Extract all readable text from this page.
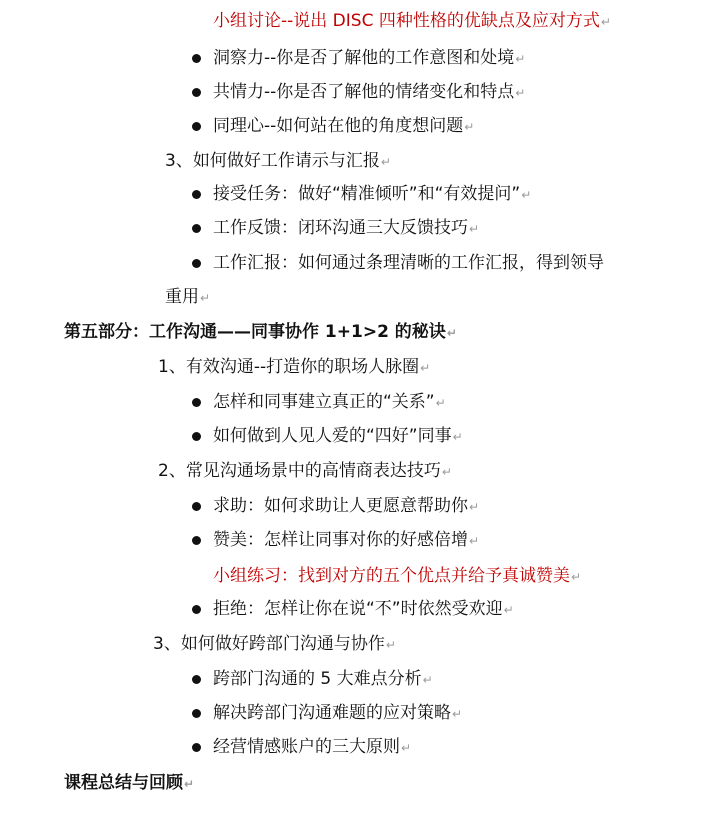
小组讨论--说出 DISC 四种性格的优缺点及应对方式↵
洞察力--你是否了解他的工作意图和处境↵
共情力--你是否了解他的情绪变化和特点↵
同理心--如何站在他的角度想问题↵
3、如何做好工作请示与汇报↵
接受任务：做好“精准倾听”和“有效提问”↵
工作反馈：闭环沟通三大反馈技巧↵
工作汇报：如何通过条理清晰的工作汇报，得到领导
重用↵
第五部分：工作沟通——同事协作 1+1>2 的秘诀↵
1、有效沟通--打造你的职场人脉圈↵
怎样和同事建立真正的“关系”↵
如何做到人见人爱的“四好”同事↵
2、常见沟通场景中的高情商表达技巧↵
求助：如何求助让人更愿意帮助你↵
赞美：怎样让同事对你的好感倍增↵
小组练习：找到对方的五个优点并给予真诚赞美↵
拒绝：怎样让你在说“不”时依然受欢迎↵
3、如何做好跨部门沟通与协作↵
跨部门沟通的 5 大难点分析↵
解决跨部门沟通难题的应对策略↵
经营情感账户的三大原则↵
课程总结与回顾↵
